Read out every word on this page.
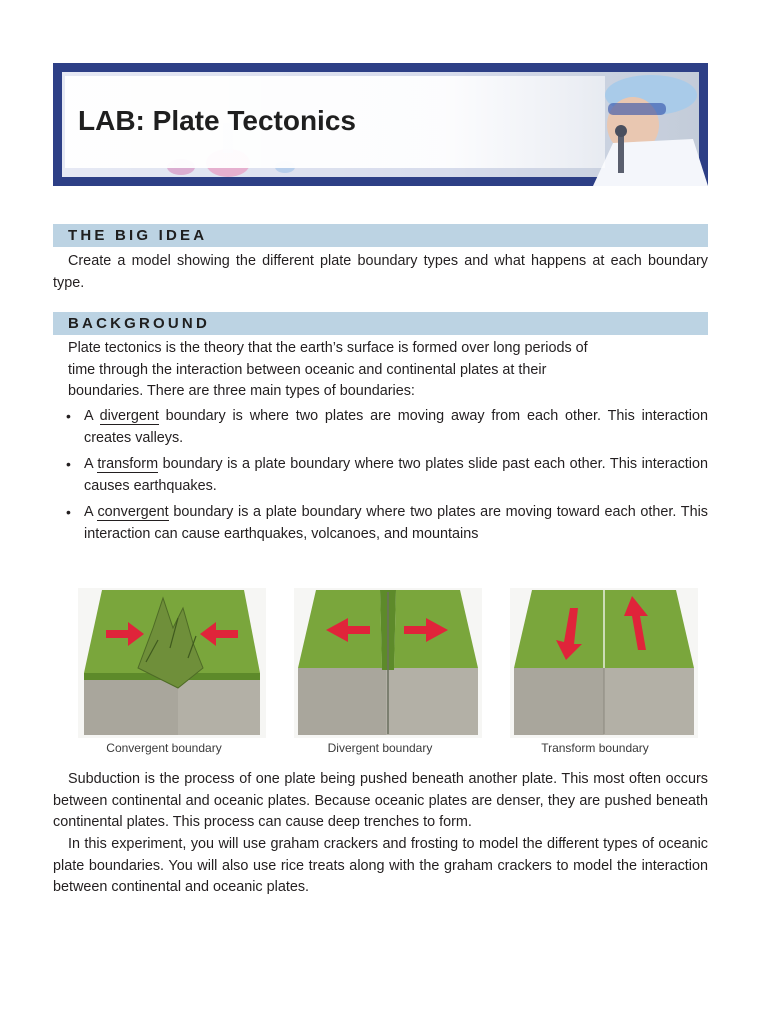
LAB: Plate Tectonics
THE BIG IDEA

Create a model showing the different plate boundary types and what happens at each boundary type.

BACKGROUND
Plate tectonics is the theory that the earth’s surface is formed over long periods of
time through the interaction between oceanic and continental plates at their
boundaries. There are three main types of boundaries:
• A divergent boundary is where two plates are moving away from each other. This interaction creates valleys.
• A transform boundary is a plate boundary where two plates slide past each other. This interaction causes earthquakes.
• A convergent boundary is a plate boundary where two plates are moving toward each other. This interaction can cause earthquakes, volcanoes, and mountains
Convergent boundary	Divergent boundary	Transform boundary

Subduction is the process of one plate being pushed beneath another plate. This most often occurs between continental and oceanic plates. Because oceanic plates are denser, they are pushed beneath continental plates. This process can cause deep trenches to form.

In this experiment, you will use graham crackers and frosting to model the different types of oceanic plate boundaries. You will also use rice treats along with the graham crackers to model the interaction between continental and oceanic plates.
